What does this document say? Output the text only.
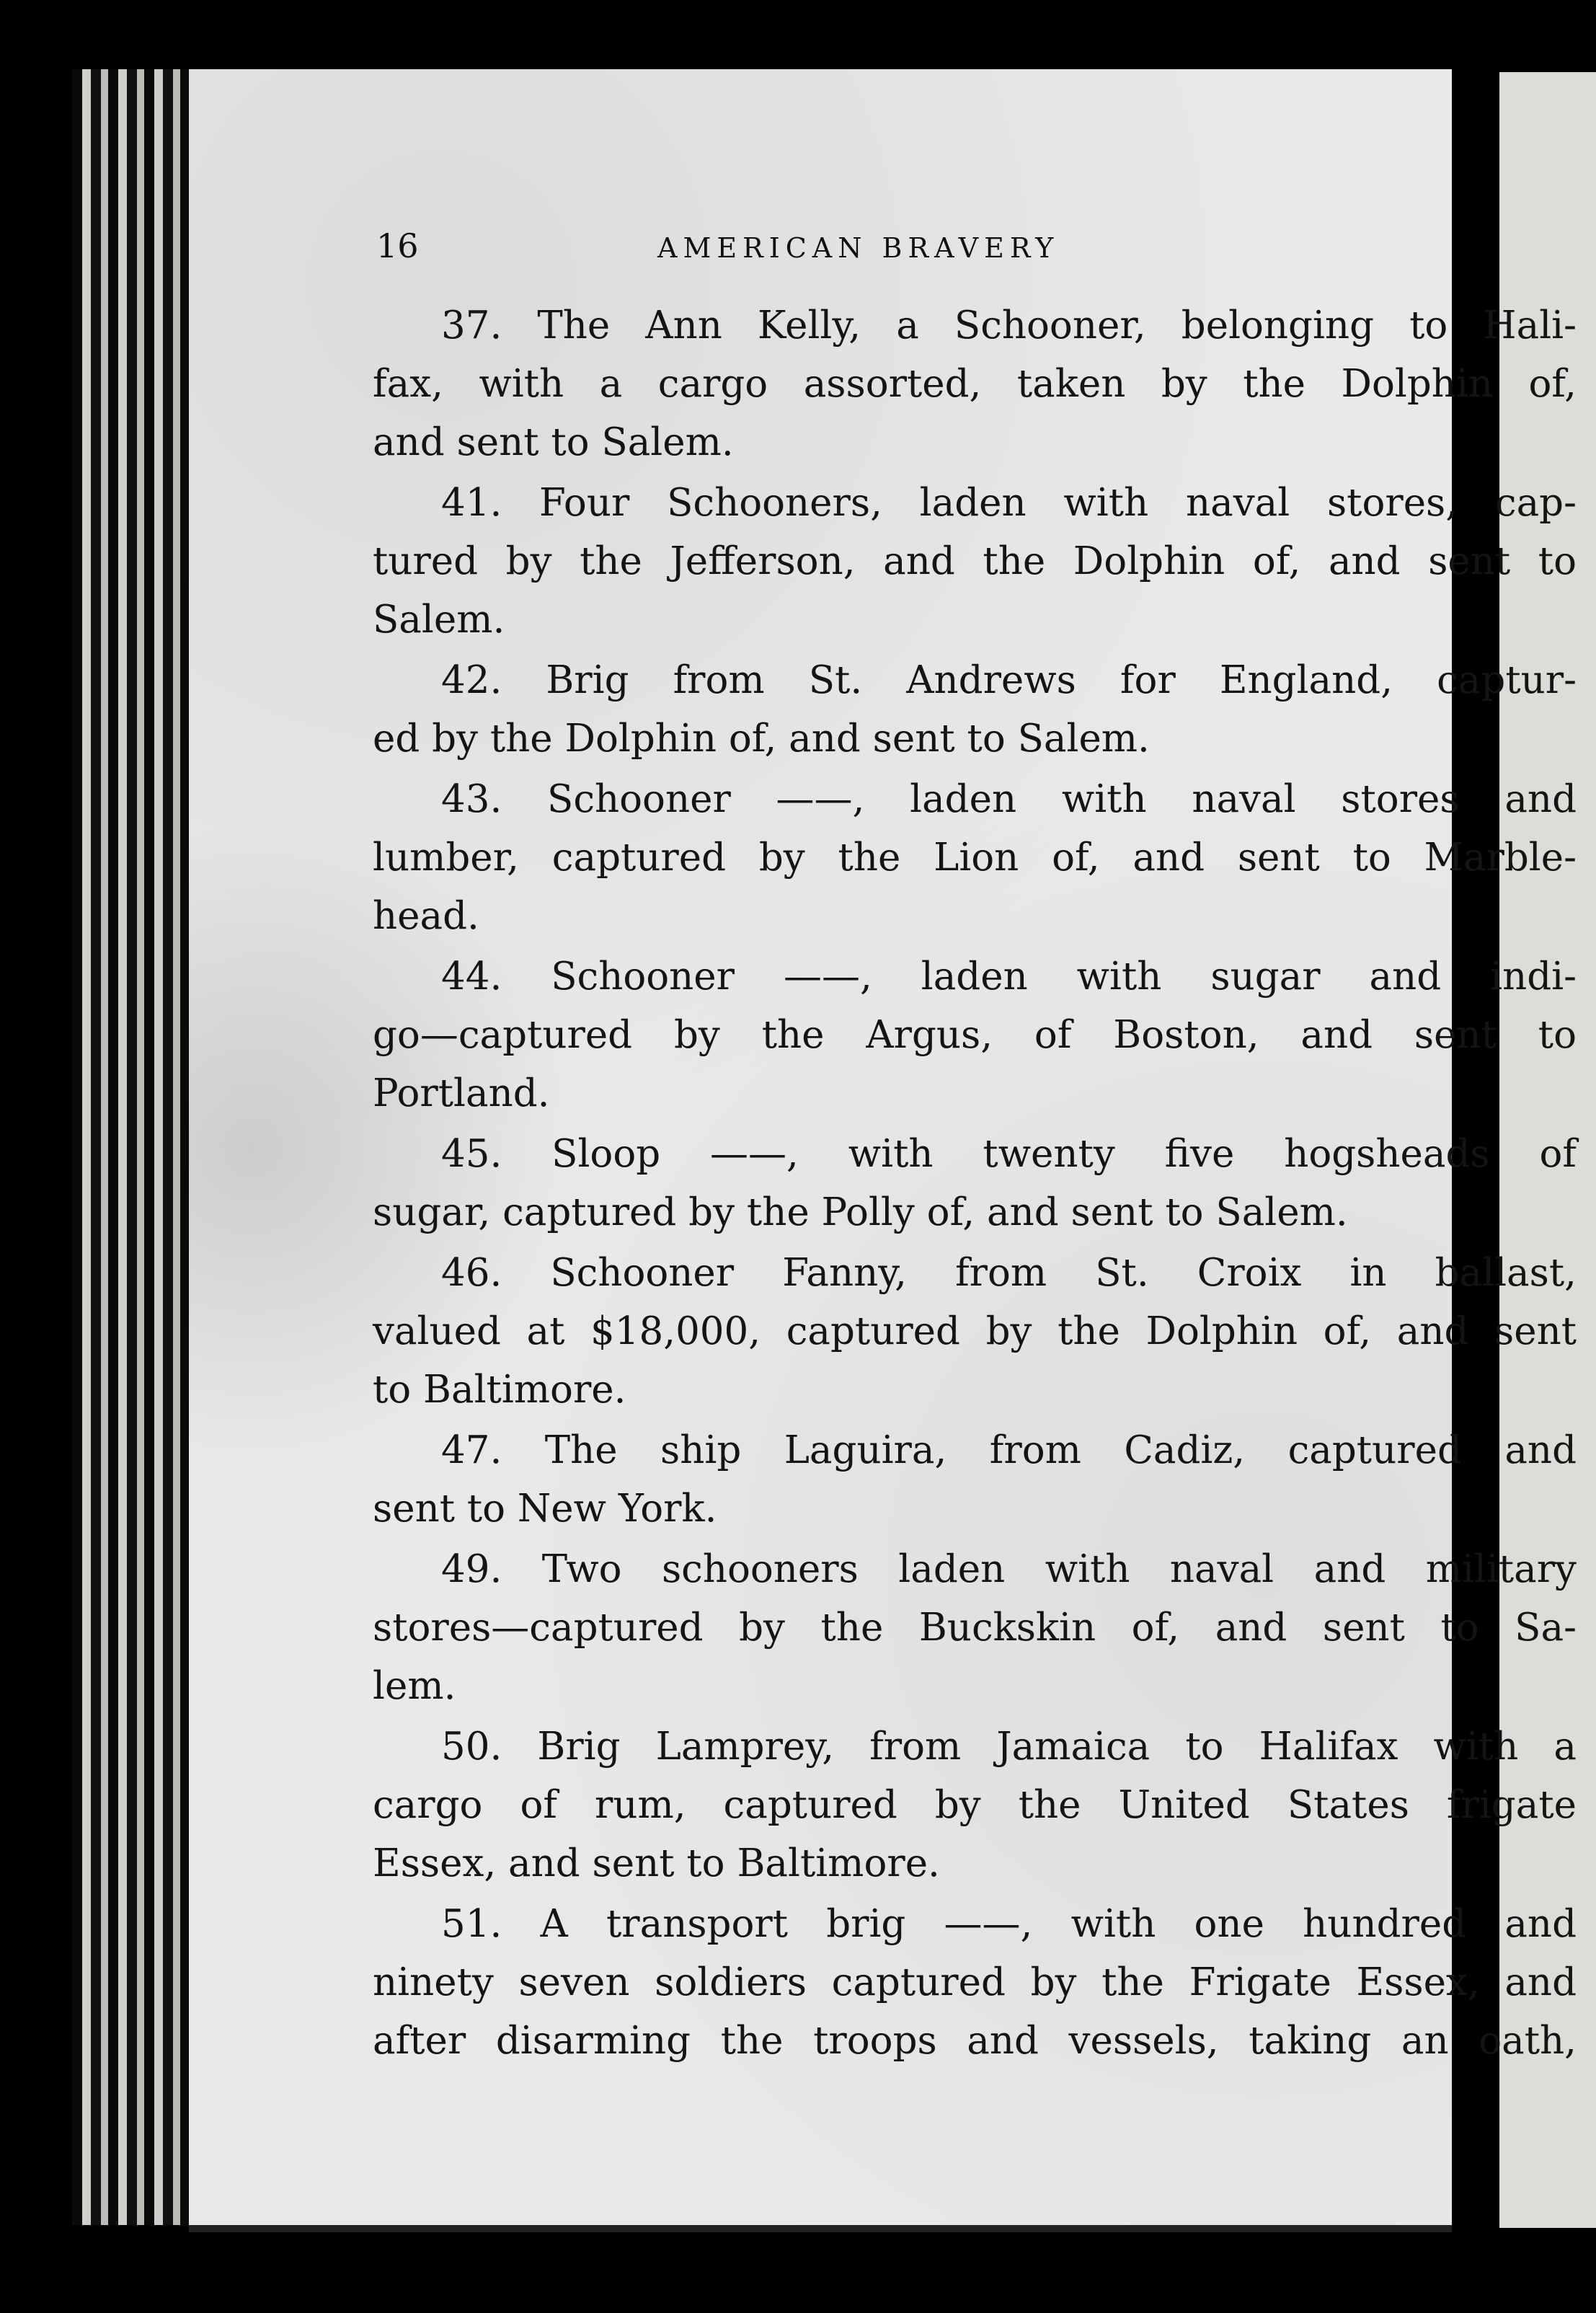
16	AMERICAN BRAVERY

37. The Ann Kelly, a Schooner, belonging to Hali-
fax, with a cargo assorted, taken by the Dolphin of,
and sent to Salem.

41. Four Schooners, laden with naval stores, cap-
tured by the Jefferson, and the Dolphin of, and sent to
Salem.

42. Brig from St. Andrews for England, captur-
ed by the Dolphin of, and sent to Salem.

43. Schooner ——, laden with naval stores and
lumber, captured by the Lion of, and sent to Marble-
head.

44. Schooner ——, laden with sugar and indi-
go—captured by the Argus, of Boston, and sent to
Portland.

45. Sloop ——, with twenty five hogsheads of
sugar, captured by the Polly of, and sent to Salem.

46. Schooner Fanny, from St. Croix in ballast,
valued at $18,000, captured by the Dolphin of, and sent
to Baltimore.

47. The ship Laguira, from Cadiz, captured and
sent to New York.

49. Two schooners laden with naval and military
stores—captured by the Buckskin of, and sent to Sa-
lem.

50. Brig Lamprey, from Jamaica to Halifax with a
cargo of rum, captured by the United States frigate
Essex, and sent to Baltimore.

51. A transport brig ——, with one hundred and
ninety seven soldiers captured by the Frigate Essex, and
after disarming the troops and vessels, taking an oath,
